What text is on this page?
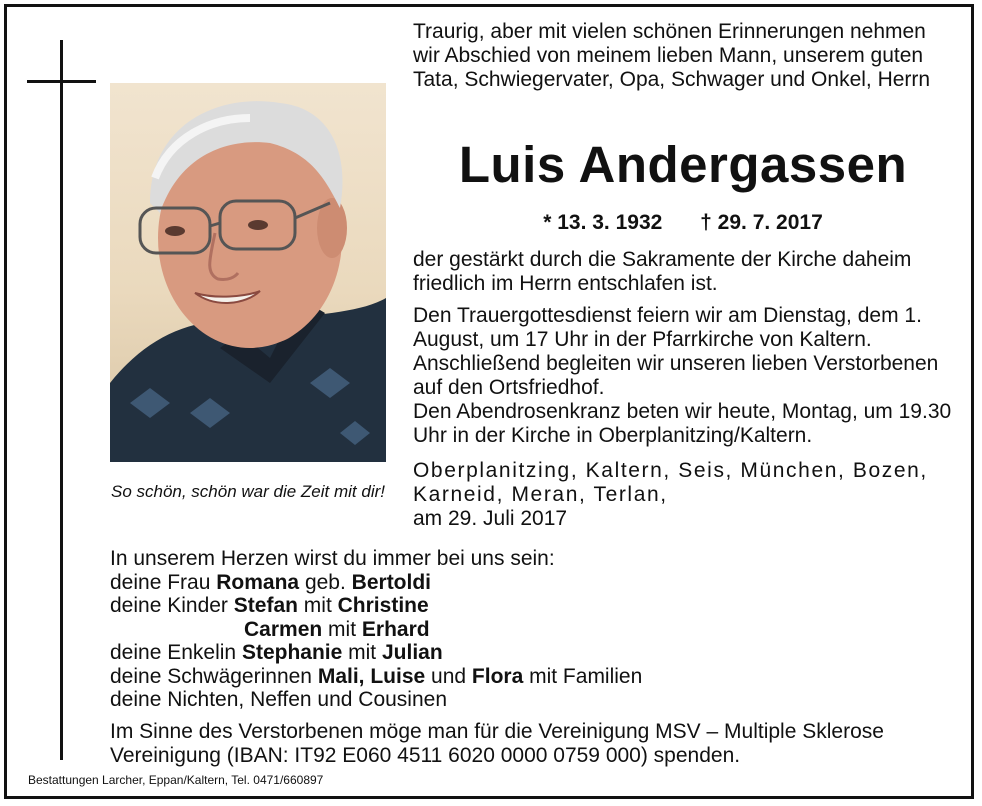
So schön, schön war die Zeit mit dir!
Traurig, aber mit vielen schönen Erinnerungen nehmen wir Abschied von meinem lieben Mann, unserem guten Tata, Schwiegervater, Opa, Schwager und Onkel, Herrn
Luis Andergassen
* 13. 3. 1932 † 29. 7. 2017
der gestärkt durch die Sakramente der Kirche daheim friedlich im Herrn entschlafen ist.
Den Trauergottesdienst feiern wir am Dienstag, dem 1. August, um 17 Uhr in der Pfarrkirche von Kaltern. Anschließend begleiten wir unseren lieben Verstorbenen auf den Ortsfriedhof.
Den Abendrosenkranz beten wir heute, Montag, um 19.30 Uhr in der Kirche in Oberplanitzing/Kaltern.
Oberplanitzing, Kaltern, Seis, München, Bozen, Karneid, Meran, Terlan,
am 29. Juli 2017
In unserem Herzen wirst du immer bei uns sein:
deine Frau Romana geb. Bertoldi
deine Kinder Stefan mit Christine
Carmen mit Erhard
deine Enkelin Stephanie mit Julian
deine Schwägerinnen Mali, Luise und Flora mit Familien
deine Nichten, Neffen und Cousinen
Im Sinne des Verstorbenen möge man für die Vereinigung MSV – Multiple Sklerose Vereinigung (IBAN: IT92 E060 4511 6020 0000 0759 000) spenden.
Bestattungen Larcher, Eppan/Kaltern, Tel. 0471/660897
